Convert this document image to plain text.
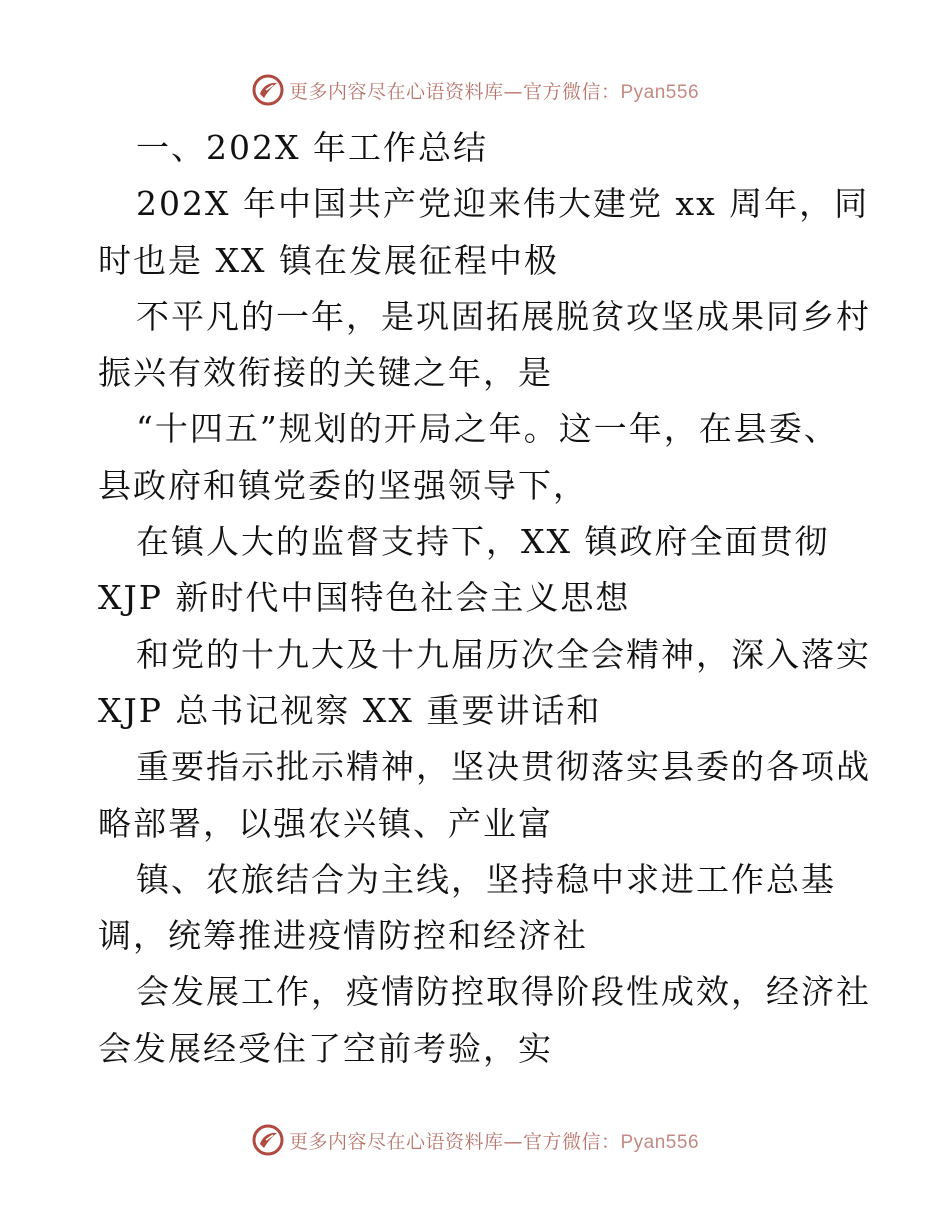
更多内容尽在心语资料库—官方微信：Pyan556
一、202X 年工作总结
202X 年中国共产党迎来伟大建党 xx 周年，同
时也是 XX 镇在发展征程中极
不平凡的一年，是巩固拓展脱贫攻坚成果同乡村
振兴有效衔接的关键之年，是
“十四五”规划的开局之年。这一年，在县委、
县政府和镇党委的坚强领导下，
在镇人大的监督支持下，XX 镇政府全面贯彻
XJP 新时代中国特色社会主义思想
和党的十九大及十九届历次全会精神，深入落实
XJP 总书记视察 XX 重要讲话和
重要指示批示精神，坚决贯彻落实县委的各项战
略部署，以强农兴镇、产业富
镇、农旅结合为主线，坚持稳中求进工作总基
调，统筹推进疫情防控和经济社
会发展工作，疫情防控取得阶段性成效，经济社
会发展经受住了空前考验，实
更多内容尽在心语资料库—官方微信：Pyan556
